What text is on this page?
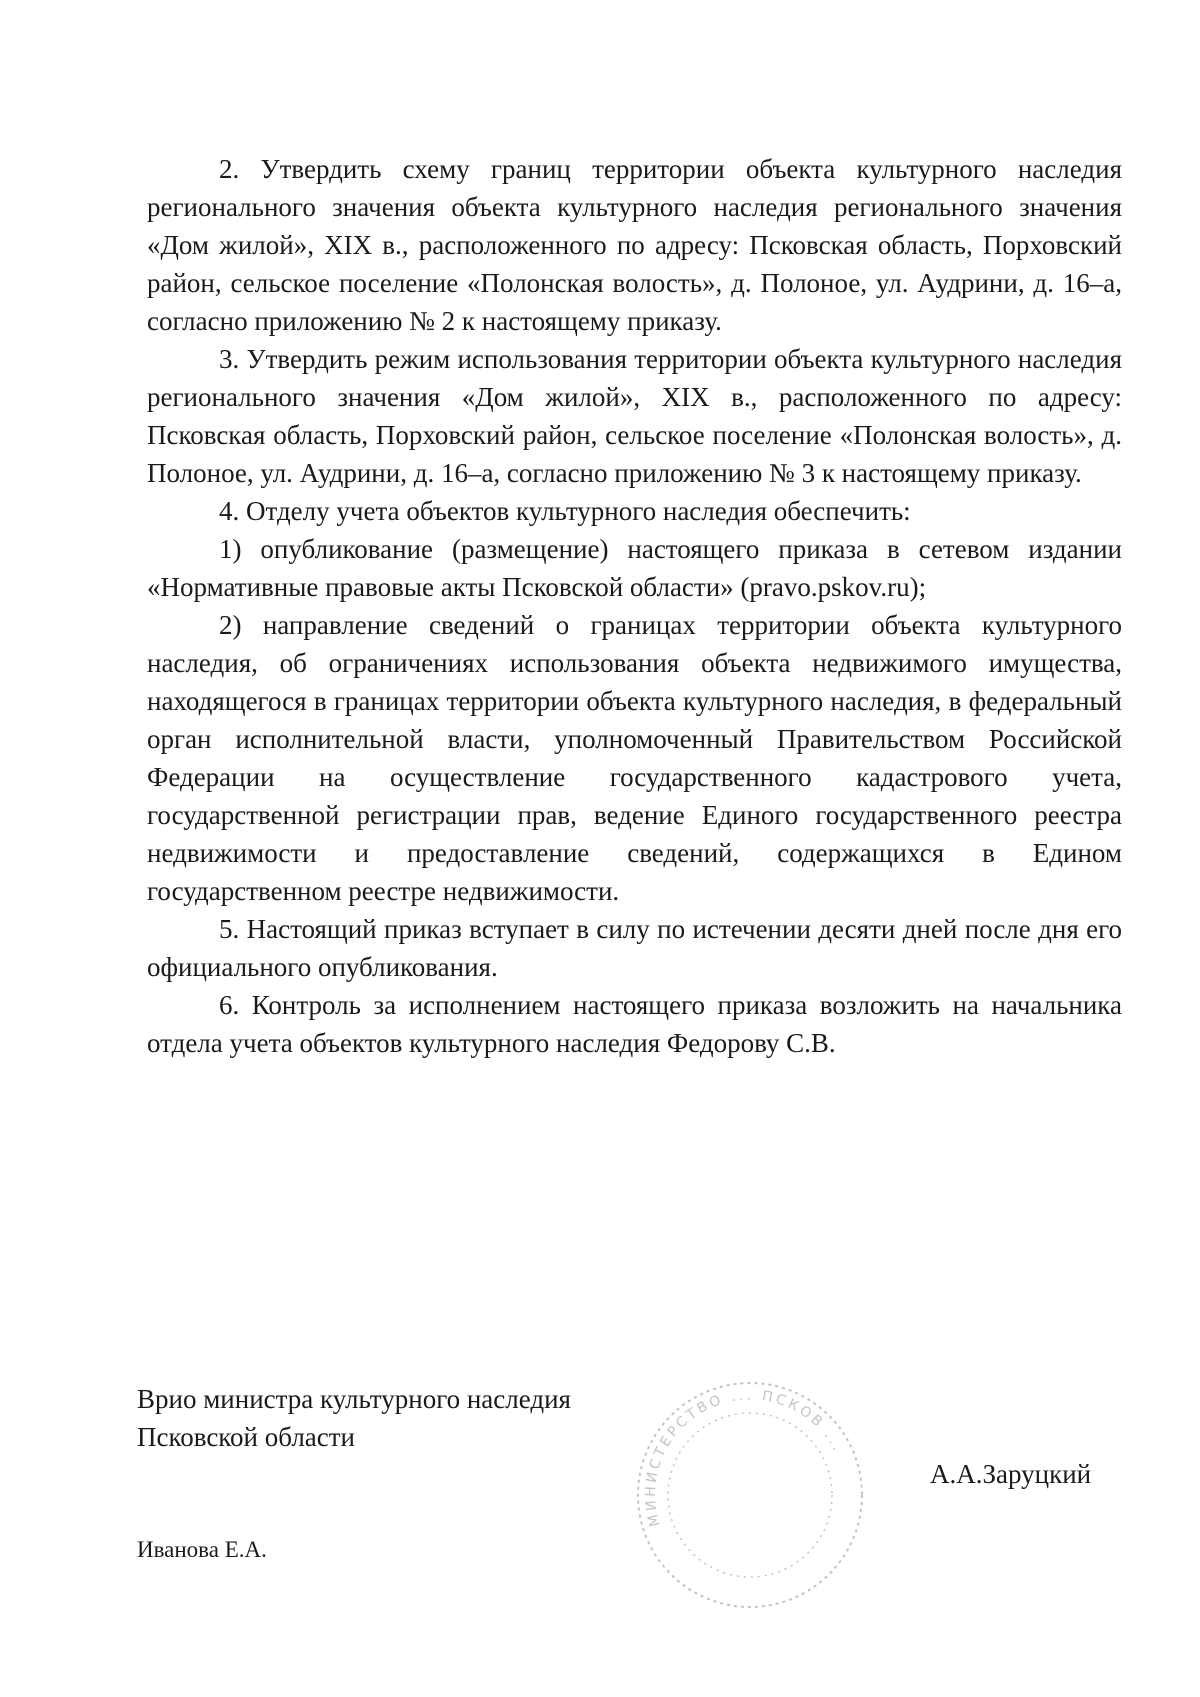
2. Утвердить схему границ территории объекта культурного наследия регионального значения объекта культурного наследия регионального значения «Дом жилой», XIX в., расположенного по адресу: Псковская область, Порховский район, сельское поселение «Полонская волость», д. Полоное, ул. Аудрини, д. 16–а, согласно приложению № 2 к настоящему приказу.

3. Утвердить режим использования территории объекта культурного наследия регионального значения «Дом жилой», XIX в., расположенного по адресу: Псковская область, Порховский район, сельское поселение «Полонская волость», д. Полоное, ул. Аудрини, д. 16–а, согласно приложению № 3 к настоящему приказу.

4. Отделу учета объектов культурного наследия обеспечить:

1) опубликование (размещение) настоящего приказа в сетевом издании «Нормативные правовые акты Псковской области» (pravo.pskov.ru);

2) направление сведений о границах территории объекта культурного наследия, об ограничениях использования объекта недвижимого имущества, находящегося в границах территории объекта культурного наследия, в федеральный орган исполнительной власти, уполномоченный Правительством Российской Федерации на осуществление государственного кадастрового учета, государственной регистрации прав, ведение Единого государственного реестра недвижимости и предоставление сведений, содержащихся в Едином государственном реестре недвижимости.

5. Настоящий приказ вступает в силу по истечении десяти дней после дня его официального опубликования.

6. Контроль за исполнением настоящего приказа возложить на начальника отдела учета объектов культурного наследия Федорову С.В.

Врио министра культурного наследия
Псковской области
А.А.Заруцкий
МИНИСТЕРСТВО ... ПСКОВ ...
Иванова Е.А.
